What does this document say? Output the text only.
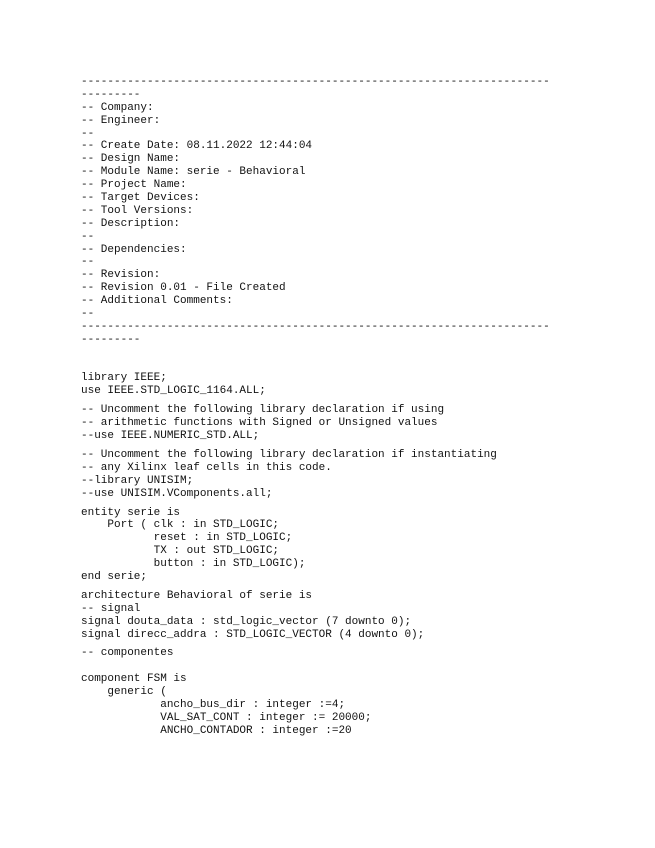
-----------------------------------------------------------------------
---------
-- Company:
-- Engineer:
--
-- Create Date: 08.11.2022 12:44:04
-- Design Name:
-- Module Name: serie - Behavioral
-- Project Name:
-- Target Devices:
-- Tool Versions:
-- Description:
--
-- Dependencies:
--
-- Revision:
-- Revision 0.01 - File Created
-- Additional Comments:
--
-----------------------------------------------------------------------
---------
library IEEE;
use IEEE.STD_LOGIC_1164.ALL;
-- Uncomment the following library declaration if using
-- arithmetic functions with Signed or Unsigned values
--use IEEE.NUMERIC_STD.ALL;
-- Uncomment the following library declaration if instantiating
-- any Xilinx leaf cells in this code.
--library UNISIM;
--use UNISIM.VComponents.all;
entity serie is
Port ( clk : in STD_LOGIC;
reset : in STD_LOGIC;
TX : out STD_LOGIC;
button : in STD_LOGIC);
end serie;
architecture Behavioral of serie is
-- signal
signal douta_data : std_logic_vector (7 downto 0);
signal direcc_addra : STD_LOGIC_VECTOR (4 downto 0);
-- componentes
component FSM is
generic (
ancho_bus_dir : integer :=4;
VAL_SAT_CONT : integer := 20000;
ANCHO_CONTADOR : integer :=20
